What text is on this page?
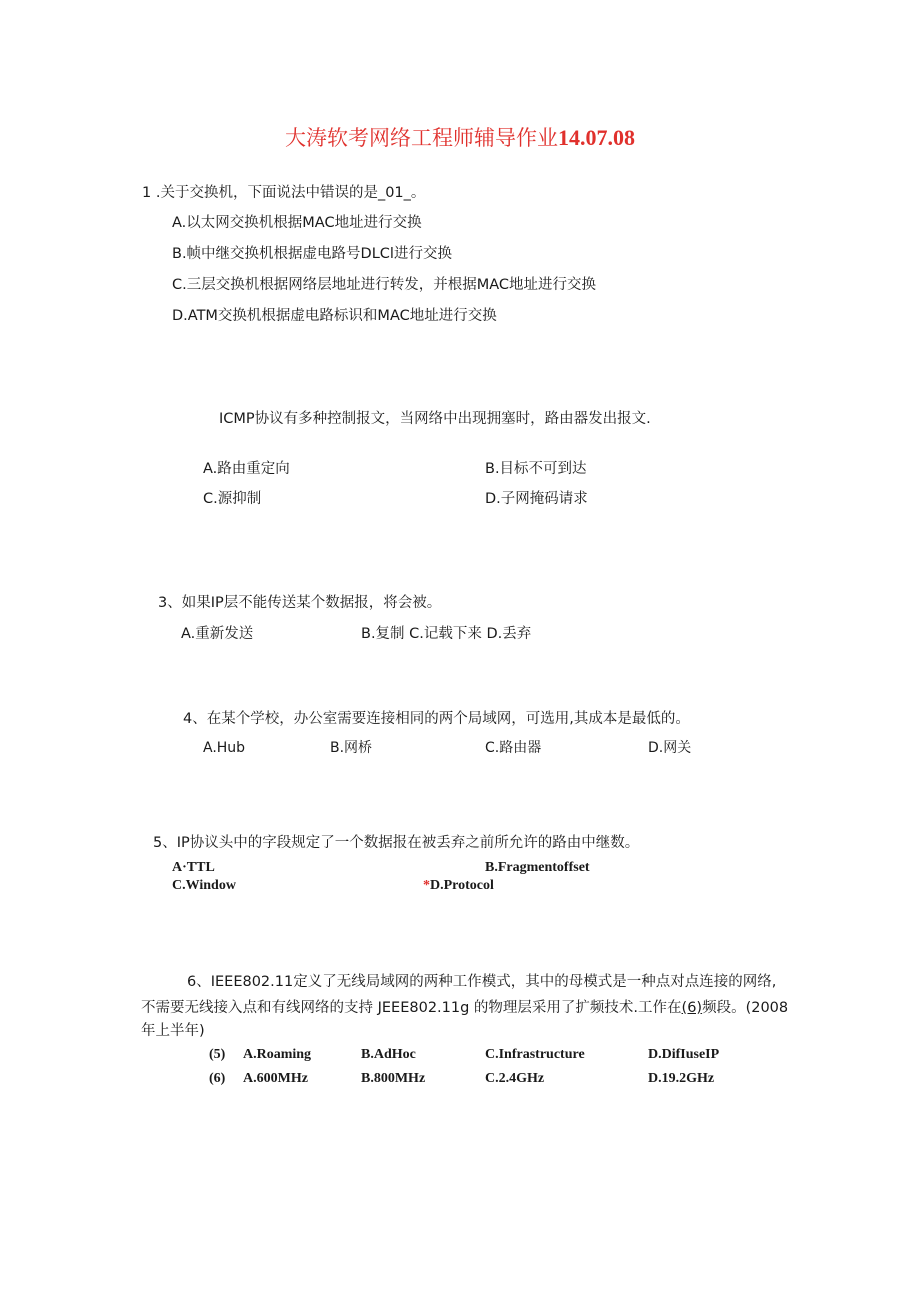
大涛软考网络工程师辅导作业14.07.08
1 .关于交换机，下面说法中错误的是_01_。
A.以太网交换机根据MAC地址进行交换
B.帧中继交换机根据虚电路号DLCl进行交换
C.三层交换机根据网络层地址进行转发，并根据MAC地址进行交换
D.ATM交换机根据虚电路标识和MAC地址进行交换
ICMP协议有多种控制报文，当网络中出现拥塞时，路由器发出报文.
A.路由重定向	B.目标不可到达
C.源抑制	D.子网掩码请求
3、如果IP层不能传送某个数据报，将会被。
A.重新发送	B.复制 C.记载下来 D.丢弃
4、在某个学校，办公室需要连接相同的两个局域网，可选用,其成本是最低的。
A.Hub	B.网桥	C.路由器	D.网关
5、IP协议头中的字段规定了一个数据报在被丢弃之前所允许的路由中继数。
A·TTL	B.Fragmentoffset
C.Window	*D.Protocol
6、IEEE802.11定义了无线局域网的两种工作模式，其中的母模式是一种点对点连接的网络,
不需要无线接入点和有线网络的支持 JEEE802.11g 的物理层采用了扩频技术.工作在(6)频段。(2008
年上半年)
(5) A.Roaming	B.AdHoc	C.Infrastructure	D.DifIuseIP
(6) A.600MHz	B.800MHz	C.2.4GHz	D.19.2GHz
